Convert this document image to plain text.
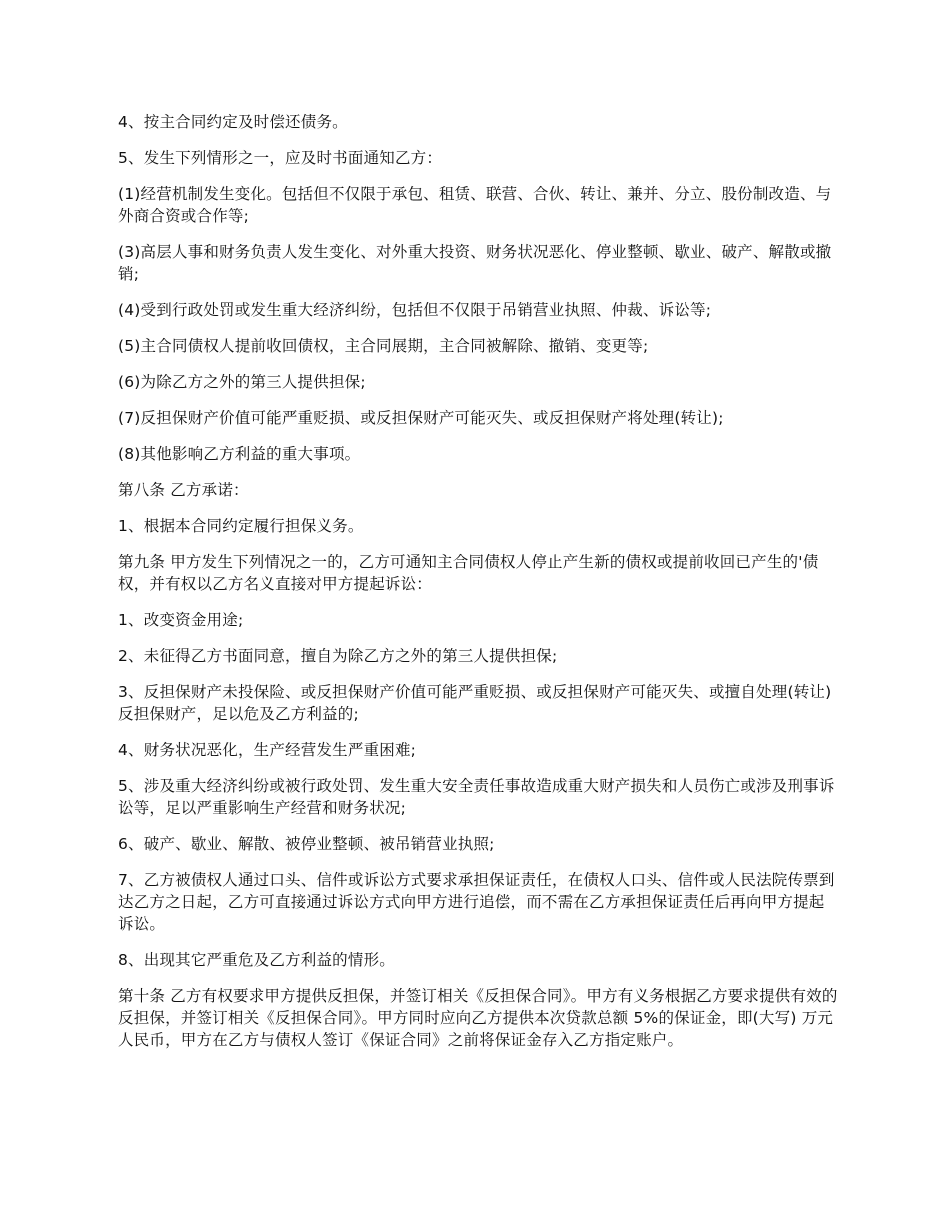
4、按主合同约定及时偿还债务。

5、发生下列情形之一，应及时书面通知乙方：

(1)经营机制发生变化。包括但不仅限于承包、租赁、联营、合伙、转让、兼并、分立、股份制改造、与外商合资或合作等;

(3)高层人事和财务负责人发生变化、对外重大投资、财务状况恶化、停业整顿、歇业、破产、解散或撤销;

(4)受到行政处罚或发生重大经济纠纷，包括但不仅限于吊销营业执照、仲裁、诉讼等;

(5)主合同债权人提前收回债权，主合同展期，主合同被解除、撤销、变更等;

(6)为除乙方之外的第三人提供担保;

(7)反担保财产价值可能严重贬损、或反担保财产可能灭失、或反担保财产将处理(转让);

(8)其他影响乙方利益的重大事项。

第八条 乙方承诺：

1、根据本合同约定履行担保义务。

第九条 甲方发生下列情况之一的，乙方可通知主合同债权人停止产生新的债权或提前收回已产生的'债权，并有权以乙方名义直接对甲方提起诉讼：

1、改变资金用途;

2、未征得乙方书面同意，擅自为除乙方之外的第三人提供担保;

3、反担保财产未投保险、或反担保财产价值可能严重贬损、或反担保财产可能灭失、或擅自处理(转让)反担保财产，足以危及乙方利益的;

4、财务状况恶化，生产经营发生严重困难;

5、涉及重大经济纠纷或被行政处罚、发生重大安全责任事故造成重大财产损失和人员伤亡或涉及刑事诉讼等，足以严重影响生产经营和财务状况;

6、破产、歇业、解散、被停业整顿、被吊销营业执照;

7、乙方被债权人通过口头、信件或诉讼方式要求承担保证责任，在债权人口头、信件或人民法院传票到达乙方之日起，乙方可直接通过诉讼方式向甲方进行追偿，而不需在乙方承担保证责任后再向甲方提起诉讼。

8、出现其它严重危及乙方利益的情形。

第十条 乙方有权要求甲方提供反担保，并签订相关《反担保合同》。甲方有义务根据乙方要求提供有效的反担保，并签订相关《反担保合同》。甲方同时应向乙方提供本次贷款总额 5%的保证金，即(大写) 万元人民币，甲方在乙方与债权人签订《保证合同》之前将保证金存入乙方指定账户。
